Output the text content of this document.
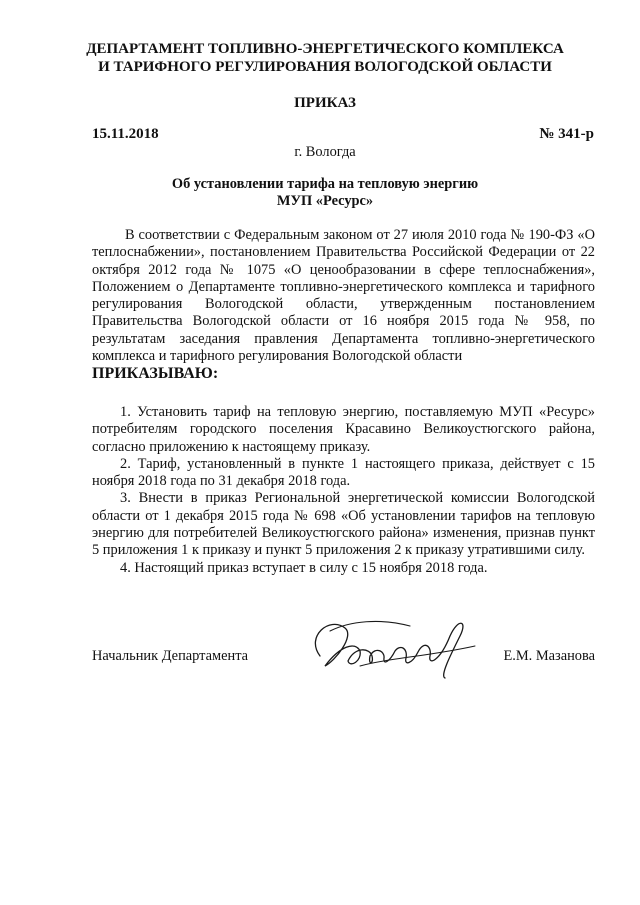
ДЕПАРТАМЕНТ ТОПЛИВНО-ЭНЕРГЕТИЧЕСКОГО КОМПЛЕКСА
И ТАРИФНОГО РЕГУЛИРОВАНИЯ ВОЛОГОДСКОЙ ОБЛАСТИ
ПРИКАЗ
15.11.2018	№ 341-р
г. Вологда
Об установлении тарифа на тепловую энергию
МУП «Ресурс»

В соответствии с Федеральным законом от 27 июля 2010 года № 190-ФЗ «О теплоснабжении», постановлением Правительства Российской Федерации от 22 октября 2012 года № 1075 «О ценообразовании в сфере теплоснабжения», Положением о Департаменте топливно-энергетического комплекса и тарифного регулирования Вологодской области, утвержденным постановлением Правительства Вологодской области от 16 ноября 2015 года № 958, по результатам заседания правления Департамента топливно-энергетического комплекса и тарифного регулирования Вологодской области

ПРИКАЗЫВАЮ:

1. Установить тариф на тепловую энергию, поставляемую МУП «Ресурс» потребителям городского поселения Красавино Великоустюгского района, согласно приложению к настоящему приказу.

2. Тариф, установленный в пункте 1 настоящего приказа, действует с 15 ноября 2018 года по 31 декабря 2018 года.

3. Внести в приказ Региональной энергетической комиссии Вологодской области от 1 декабря 2015 года № 698 «Об установлении тарифов на тепловую энергию для потребителей Великоустюгского района» изменения, признав пункт 5 приложения 1 к приказу и пункт 5 приложения 2 к приказу утратившими силу.

4. Настоящий приказ вступает в силу с 15 ноября 2018 года.

Начальник Департамента	Е.М. Мазанова
